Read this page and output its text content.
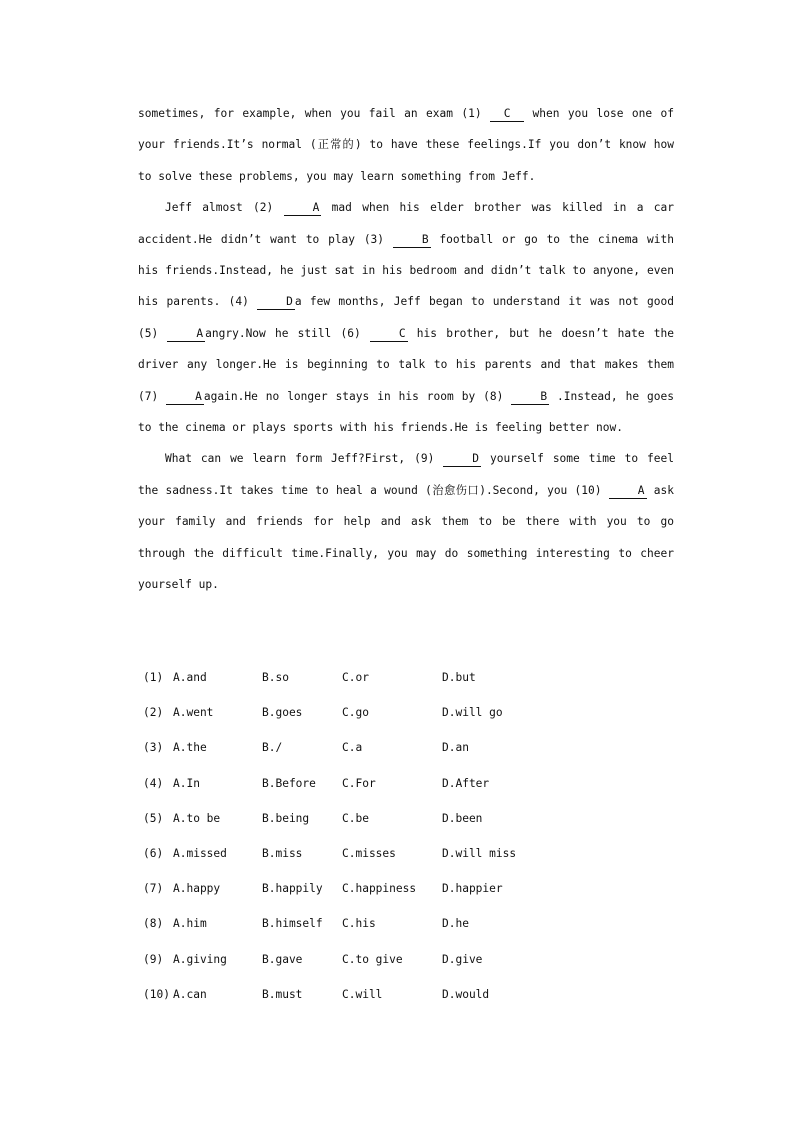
sometimes, for example, when you fail an exam (1) C when you lose one of your friends.It’s normal (正常的) to have these feelings.If you don’t know how to solve these problems, you may learn something from Jeff.

Jeff almost (2)	A mad when his elder brother was killed in a car accident.He didn’t want to play (3)	B football or go to the cinema with his friends.Instead, he just sat in his bedroom and didn’t talk to anyone, even his parents. (4)	D a few months, Jeff began to understand it was not good (5)	A angry.Now he still (6)	C his brother, but he doesn’t hate the driver any longer.He is beginning to talk to his parents and that makes them (7)	A again.He no longer stays in his room by (8)	B .Instead, he goes to the cinema or plays sports with his friends.He is feeling better now.

What can we learn form Jeff?First, (9)	D yourself some time to feel the sadness.It takes time to heal a wound (治愈伤口).Second, you (10)	A ask your family and friends for help and ask them to be there with you to go through the difficult time.Finally, you may do something interesting to cheer yourself up.

(1) A.and	B.so	C.or	D.but
(2) A.went	B.goes	C.go	D.will go
(3) A.the	B./	C.a	D.an
(4) A.In	B.Before C.For	D.After
(5) A.to be	B.being	C.be	D.been
(6) A.missed	B.miss	C.misses	D.will miss
(7) A.happy	B.happily C.happiness D.happier
(8) A.him	B.himself C.his	D.he
(9) A.giving	B.gave	C.to give	D.give
(10) A.can	B.must	C.will	D.would
